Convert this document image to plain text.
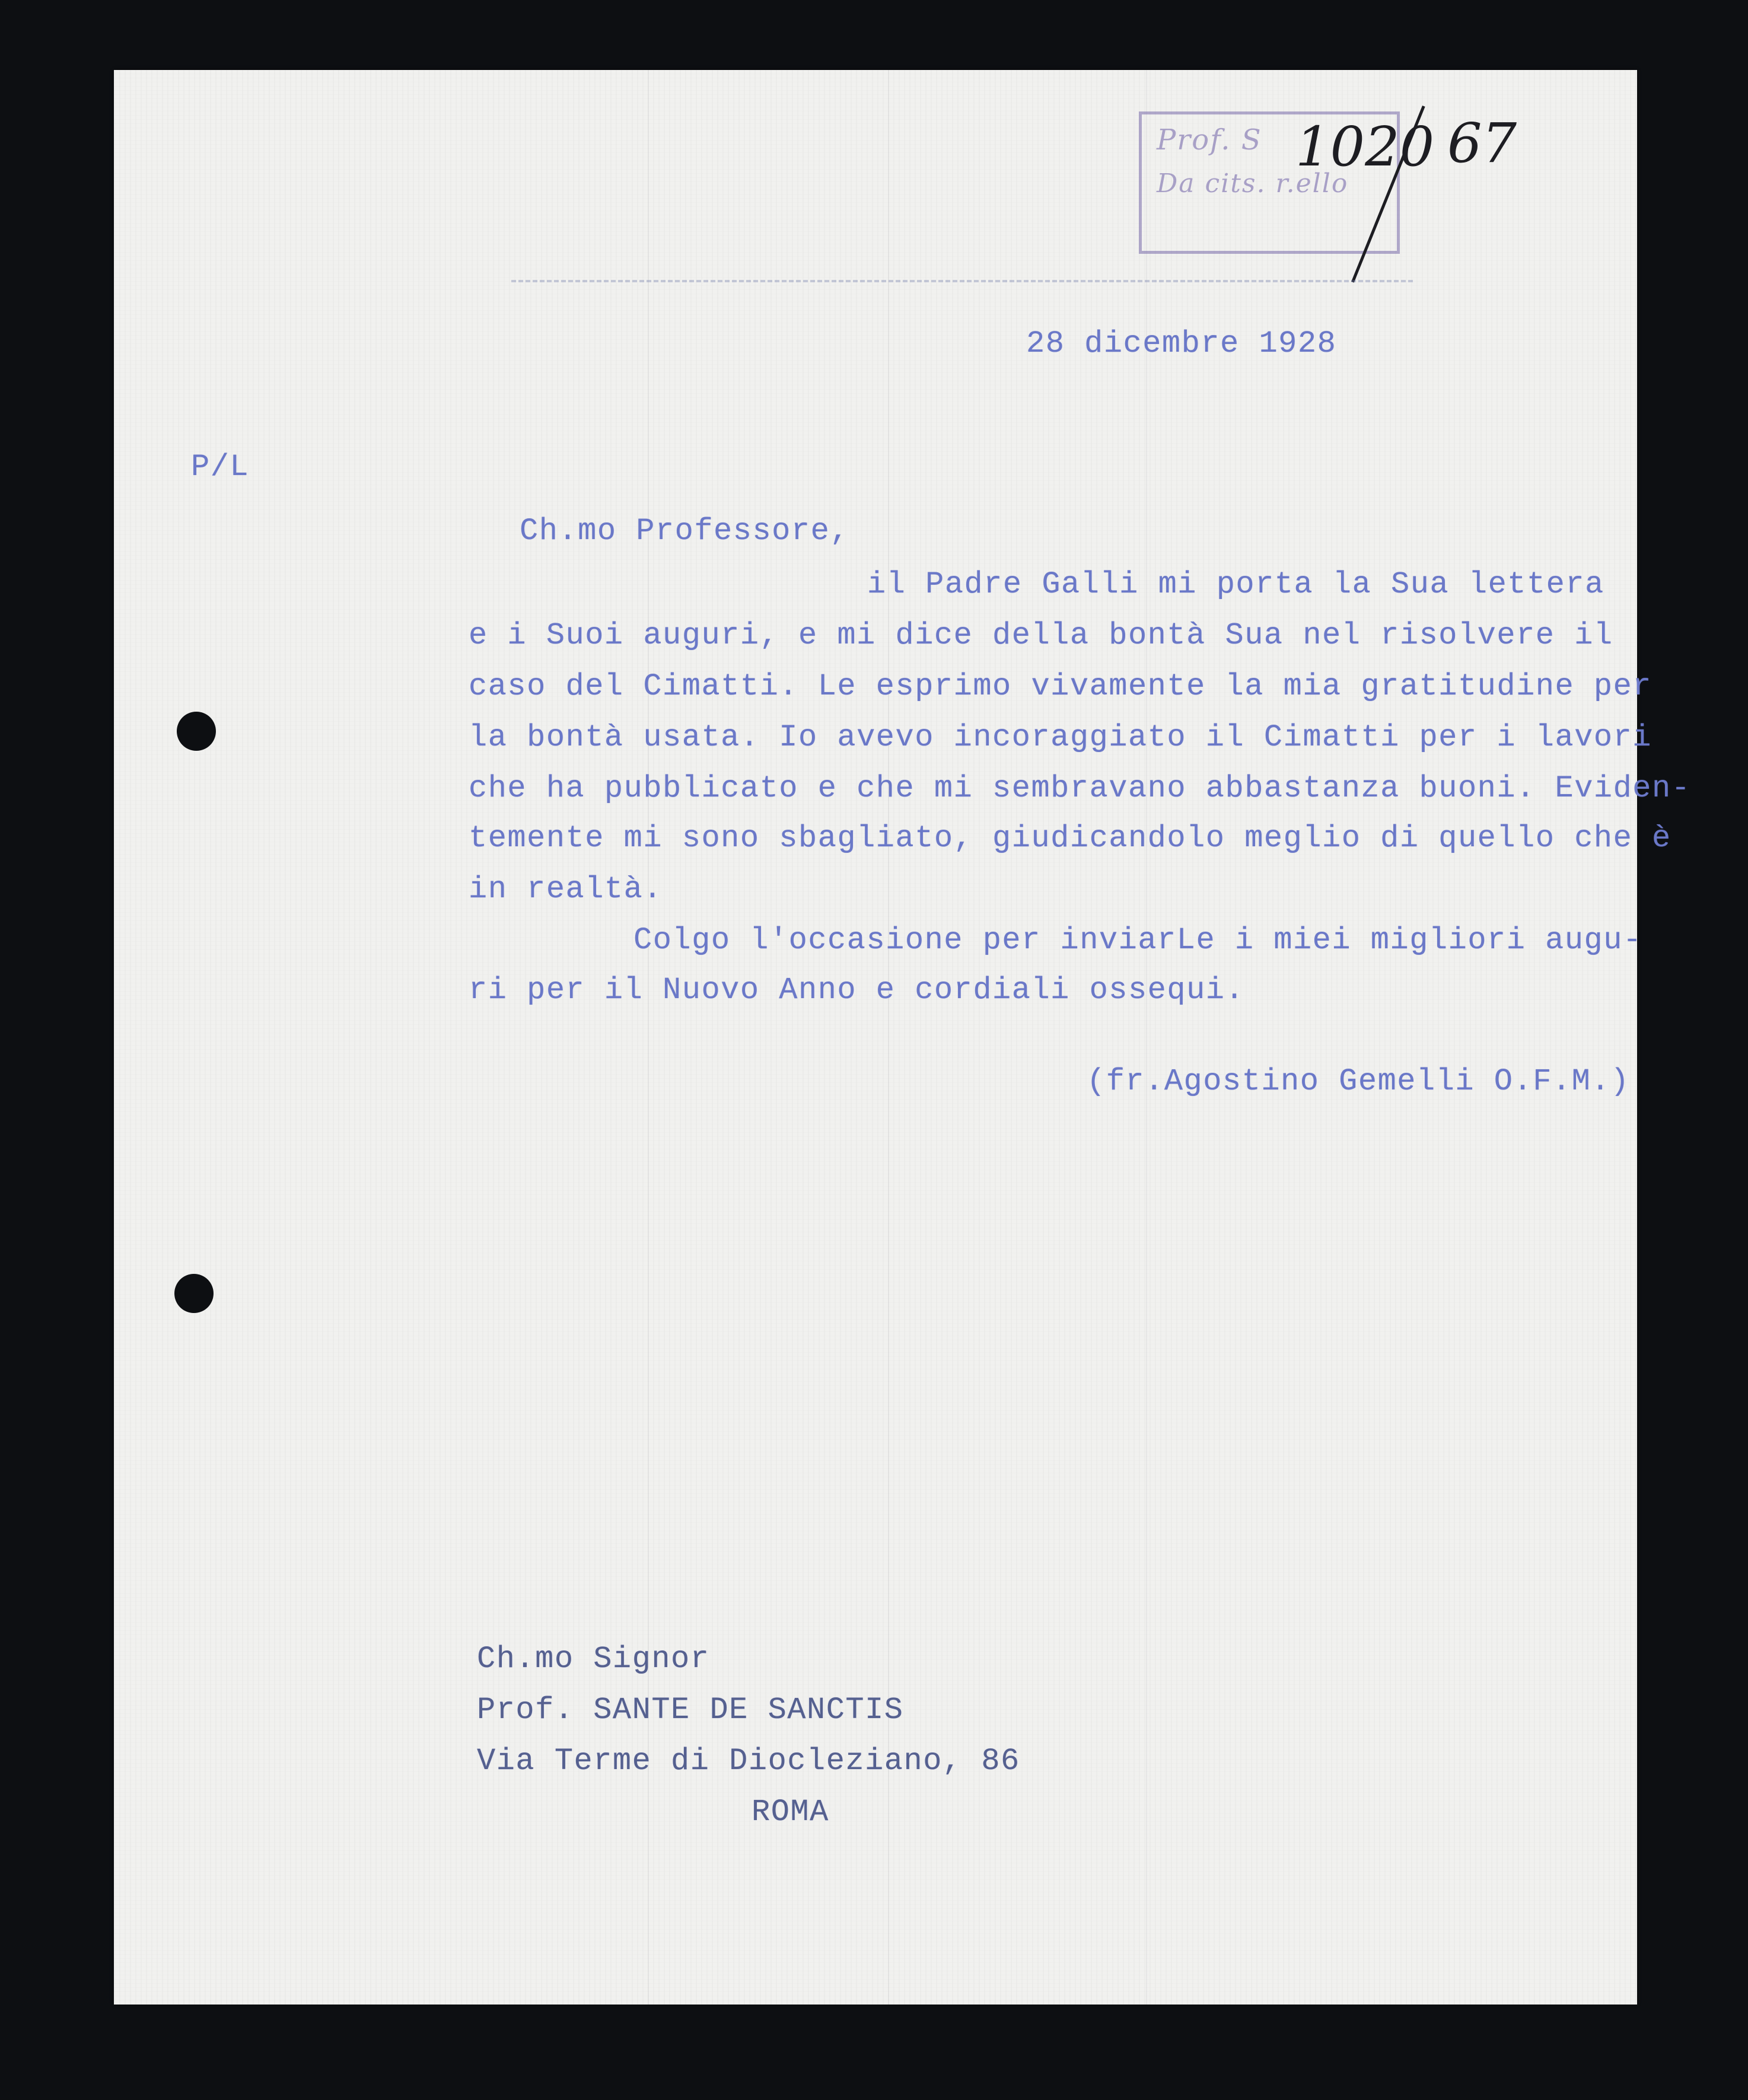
Prof. S
Da cits. r.ello
1020 67
28 dicembre 1928
P/L
Ch.mo Professore,
il Padre Galli mi porta la Sua lettera
e i Suoi auguri, e mi dice della bontà Sua nel risolvere il
caso del Cimatti. Le esprimo vivamente la mia gratitudine per
la bontà usata. Io avevo incoraggiato il Cimatti per i lavori
che ha pubblicato e che mi sembravano abbastanza buoni. Eviden-
temente mi sono sbagliato, giudicandolo meglio di quello che è
in realtà.
Colgo l'occasione per inviarLe i miei migliori augu-
ri per il Nuovo Anno e cordiali ossequi.
(fr.Agostino Gemelli O.F.M.)
Ch.mo Signor
Prof. SANTE DE SANCTIS
Via Terme di Diocleziano, 86
ROMA
